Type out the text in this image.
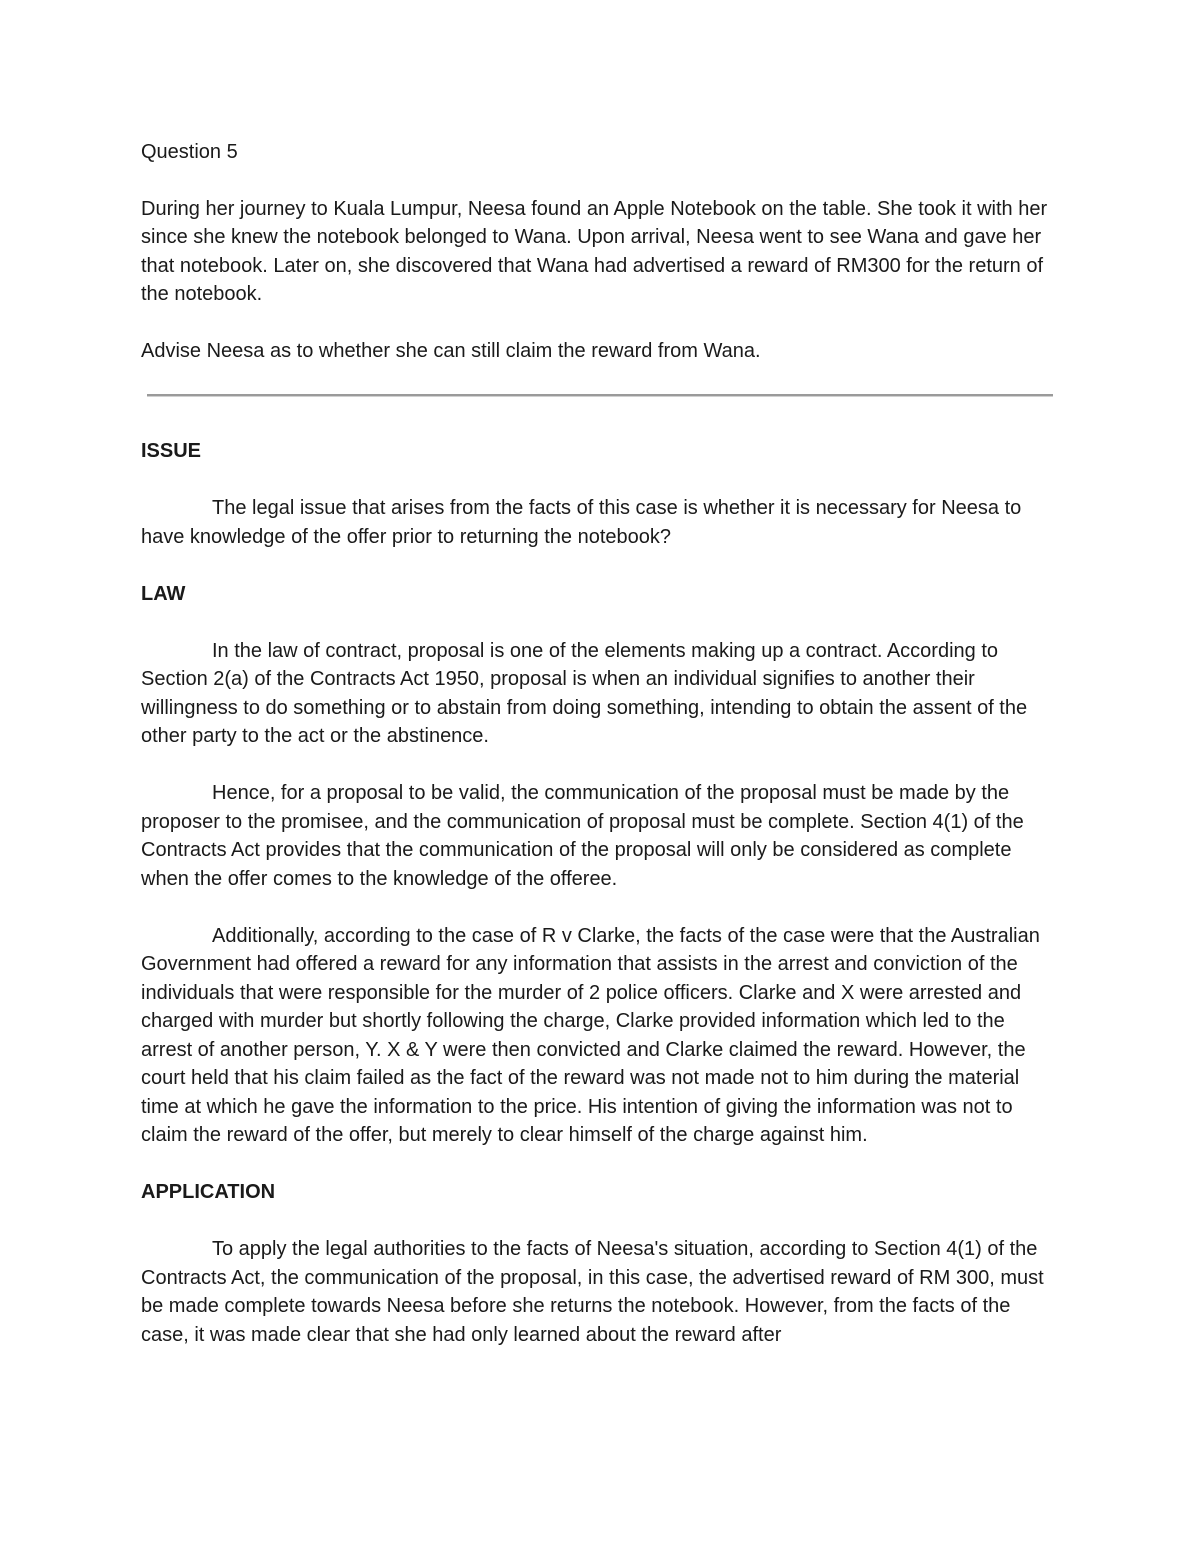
Question 5

During her journey to Kuala Lumpur, Neesa found an Apple Notebook on the table. She took it with her since she knew the notebook belonged to Wana. Upon arrival, Neesa went to see Wana and gave her that notebook. Later on, she discovered that Wana had advertised a reward of RM300 for the return of the notebook.

Advise Neesa as to whether she can still claim the reward from Wana.

ISSUE

The legal issue that arises from the facts of this case is whether it is necessary for Neesa to have knowledge of the offer prior to returning the notebook?

LAW

In the law of contract, proposal is one of the elements making up a contract. According to Section 2(a) of the Contracts Act 1950, proposal is when an individual signifies to another their willingness to do something or to abstain from doing something, intending to obtain the assent of the other party to the act or the abstinence.

Hence, for a proposal to be valid, the communication of the proposal must be made by the proposer to the promisee, and the communication of proposal must be complete. Section 4(1) of the Contracts Act provides that the communication of the proposal will only be considered as complete when the offer comes to the knowledge of the offeree.

Additionally, according to the case of R v Clarke, the facts of the case were that the Australian Government had offered a reward for any information that assists in the arrest and conviction of the individuals that were responsible for the murder of 2 police officers. Clarke and X were arrested and charged with murder but shortly following the charge, Clarke provided information which led to the arrest of another person, Y. X & Y were then convicted and Clarke claimed the reward. However, the court held that his claim failed as the fact of the reward was not made not to him during the material time at which he gave the information to the price. His intention of giving the information was not to claim the reward of the offer, but merely to clear himself of the charge against him.

APPLICATION

To apply the legal authorities to the facts of Neesa's situation, according to Section 4(1) of the Contracts Act, the communication of the proposal, in this case, the advertised reward of RM 300, must be made complete towards Neesa before she returns the notebook. However, from the facts of the case, it was made clear that she had only learned about the reward after
